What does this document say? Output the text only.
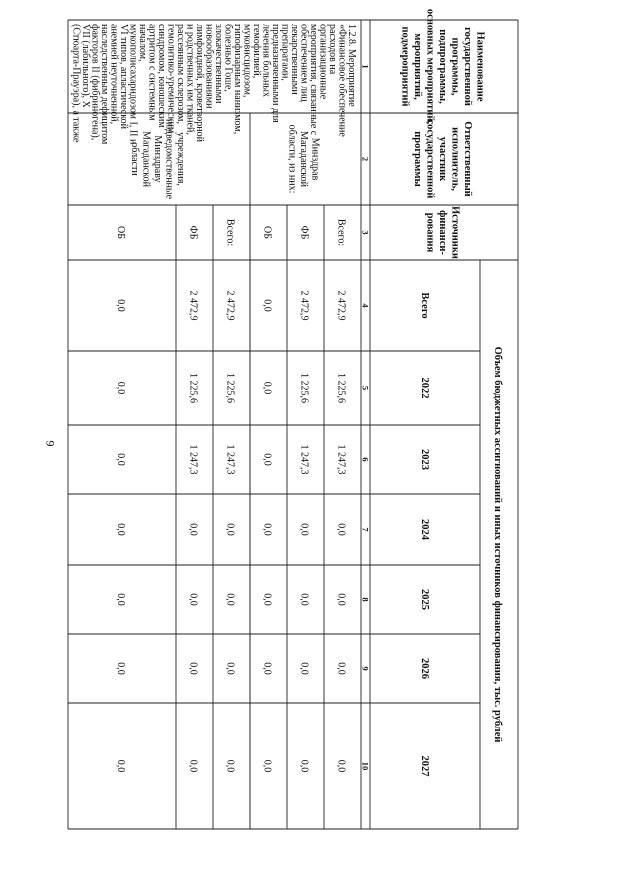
9
Наименование
государственной
программы,
подпрограммы,
основных мероприятий,
мероприятий,
подмероприятий
Ответственный
исполнитель,
участник
государственной
программы
Источники
финанси-
рования
Объем бюджетных ассигнований и иных источников финансирования, тыс. рублей
Всего
2022
2023
2024
2025
2026
2027
1
2
3
4
5
6
7
8
9
10
1.2.8. Мероприятие
«Финансовое обеспечение
расходов на
организационные
мероприятия, связанные с
обеспечением лиц
лекарственными
препаратами,
предназначенными для
лечения больных
гемофилией,
муковисцидозом,
гипофизарным нанизмом,
болезнью Гоше,
злокачественными
новообразованиями
лимфоидной, кроветворной
и родственных им тканей,
рассеянным склерозом,
гемолитико-уремическим
синдромом, юношеским
артритом с системным
началом,
мукополисахаридозом I, II и
VI типов, апластической
анемией неуточненной,
наследственным дефицитом
факторов II (фибриногена),
VII (лабильного), X
(Стюарта-Прауэра), а также
Всего:
2 472,9
1 225,6
1 247,3
0,0
0,0
0,0
0,0
ФБ
2 472,9
1 225,6
1 247,3
0,0
0,0
0,0
0,0
ОБ
0,0
0,0
0,0
0,0
0,0
0,0
0,0
Всего:
2 472,9
1 225,6
1 247,3
0,0
0,0
0,0
0,0
ФБ
2 472,9
1 225,6
1 247,3
0,0
0,0
0,0
0,0
ОБ
0,0
0,0
0,0
0,0
0,0
0,0
0,0
Минздрав
Магаданской
области, из них:
учреждения,
подведомственные
Минздраву
Магаданской
области
